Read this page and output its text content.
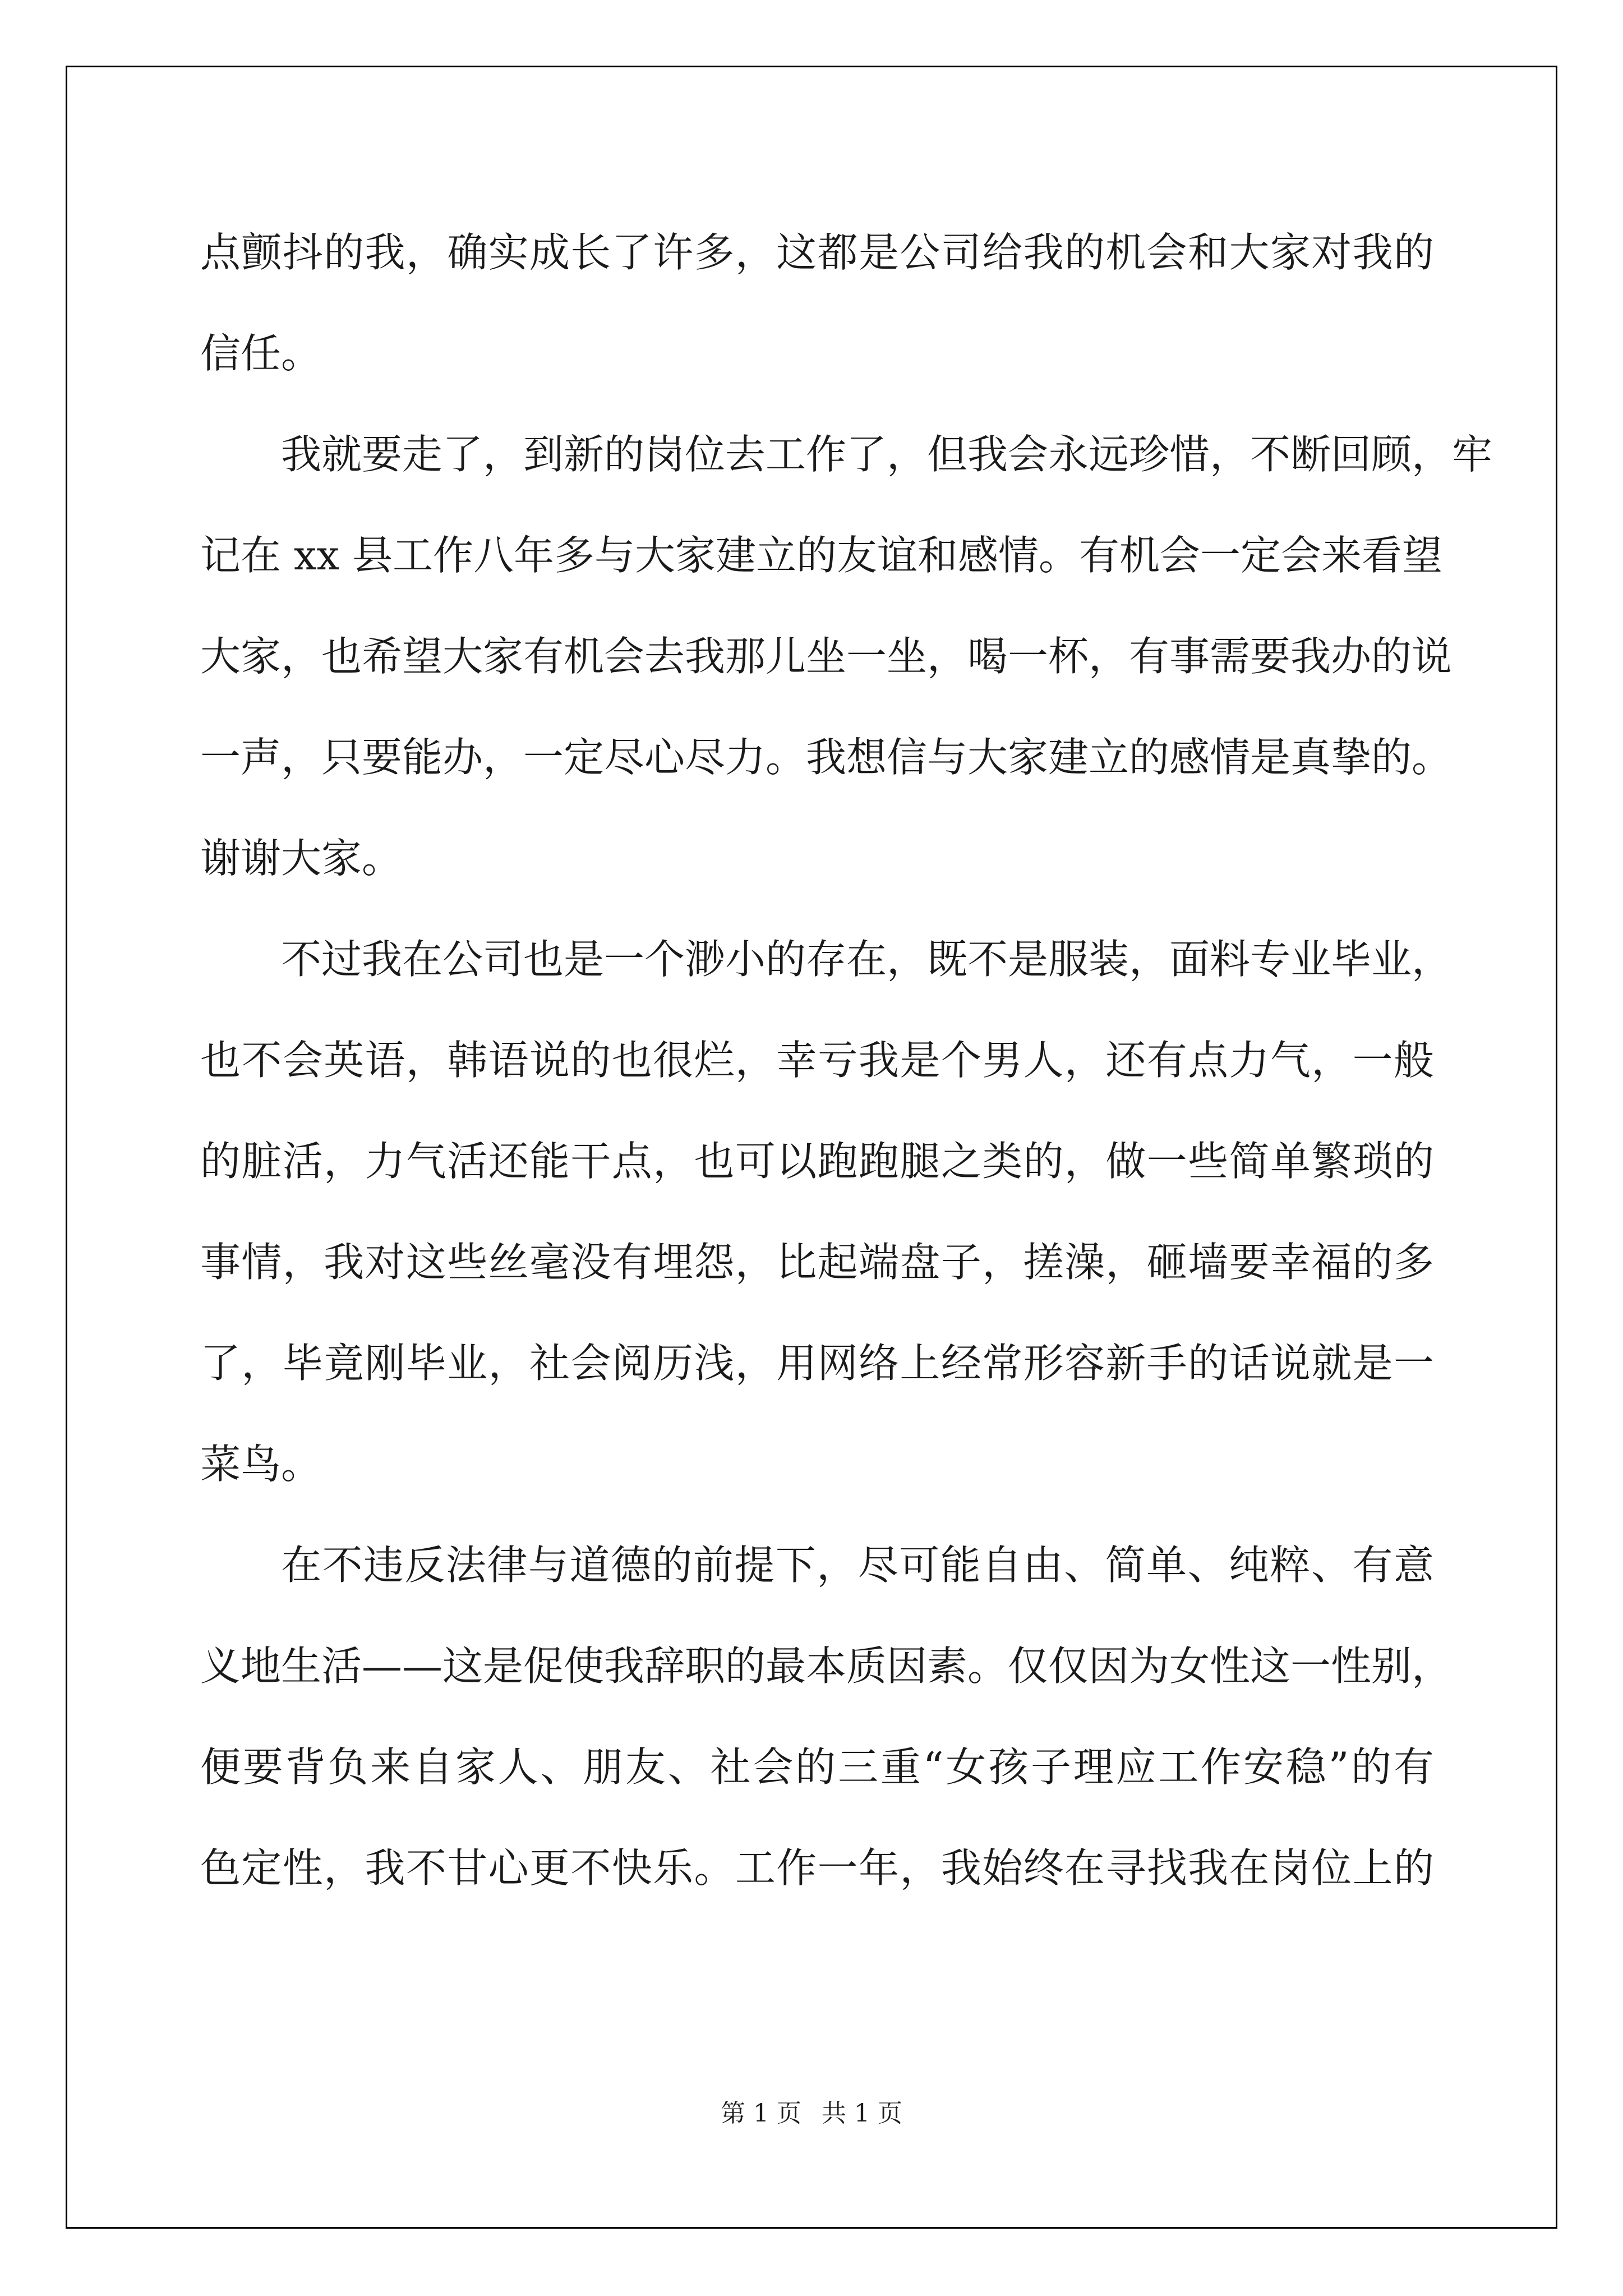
点颤抖的我，确实成长了许多，这都是公司给我的机会和大家对我的
信任。
我就要走了，到新的岗位去工作了，但我会永远珍惜，不断回顾，牢
记在 xx 县工作八年多与大家建立的友谊和感情。有机会一定会来看望
大家，也希望大家有机会去我那儿坐一坐，喝一杯，有事需要我办的说
一声，只要能办，一定尽心尽力。我想信与大家建立的感情是真挚的。
谢谢大家。
不过我在公司也是一个渺小的存在，既不是服装，面料专业毕业，
也不会英语，韩语说的也很烂，幸亏我是个男人，还有点力气，一般
的脏活，力气活还能干点，也可以跑跑腿之类的，做一些简单繁琐的
事情，我对这些丝毫没有埋怨，比起端盘子，搓澡，砸墙要幸福的多
了，毕竟刚毕业，社会阅历浅，用网络上经常形容新手的话说就是一
菜鸟。
在不违反法律与道德的前提下，尽可能自由、简单、纯粹、有意
义地生活——这是促使我辞职的最本质因素。仅仅因为女性这一性别，
便要背负来自家人、朋友、社会的三重“女孩子理应工作安稳”的有
色定性，我不甘心更不快乐。工作一年，我始终在寻找我在岗位上的
第 1 页 共 1 页
